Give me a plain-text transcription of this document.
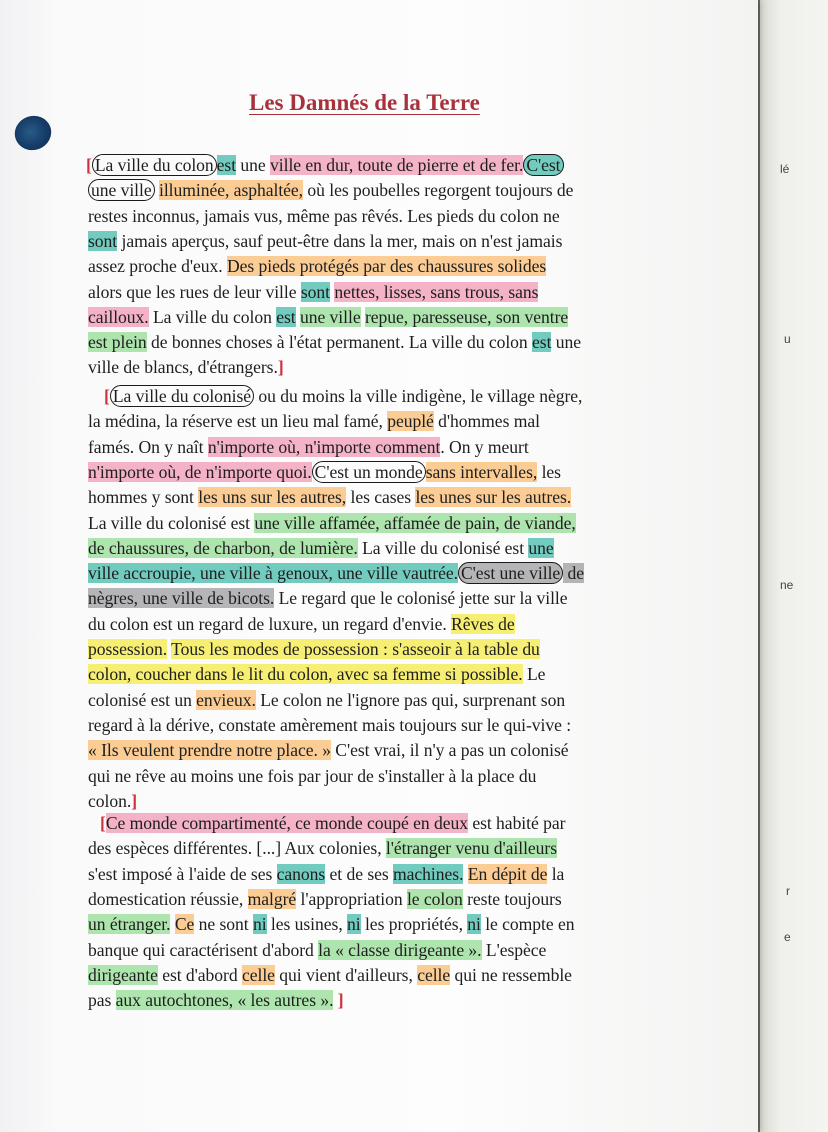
lé
u
ne
r
e
Les Damnés de la Terre
[ La ville du colon est une ville en dur, toute de pierre et de fer. C'est
une ville illuminée, asphaltée, où les poubelles regorgent toujours de
restes inconnus, jamais vus, même pas rêvés. Les pieds du colon ne
sont jamais aperçus, sauf peut-être dans la mer, mais on n'est jamais
assez proche d'eux. Des pieds protégés par des chaussures solides
alors que les rues de leur ville sont nettes, lisses, sans trous, sans
cailloux. La ville du colon est une ville repue, paresseuse, son ventre
est plein de bonnes choses à l'état permanent. La ville du colon est une
ville de blancs, d'étrangers.]
[ La ville du colonisé ou du moins la ville indigène, le village nègre,
la médina, la réserve est un lieu mal famé, peuplé d'hommes mal
famés. On y naît n'importe où, n'importe comment. On y meurt
n'importe où, de n'importe quoi. C'est un monde sans intervalles, les
hommes y sont les uns sur les autres, les cases les unes sur les autres.
La ville du colonisé est une ville affamée, affamée de pain, de viande,
de chaussures, de charbon, de lumière. La ville du colonisé est une
ville accroupie, une ville à genoux, une ville vautrée. C'est une ville de
nègres, une ville de bicots. Le regard que le colonisé jette sur la ville
du colon est un regard de luxure, un regard d'envie. Rêves de
possession. Tous les modes de possession : s'asseoir à la table du
colon, coucher dans le lit du colon, avec sa femme si possible. Le
colonisé est un envieux. Le colon ne l'ignore pas qui, surprenant son
regard à la dérive, constate amèrement mais toujours sur le qui-vive :
« Ils veulent prendre notre place. » C'est vrai, il n'y a pas un colonisé
qui ne rêve au moins une fois par jour de s'installer à la place du
colon.]
[Ce monde compartimenté, ce monde coupé en deux est habité par
des espèces différentes. [...] Aux colonies, l'étranger venu d'ailleurs
s'est imposé à l'aide de ses canons et de ses machines. En dépit de la
domestication réussie, malgré l'appropriation le colon reste toujours
un étranger. Ce ne sont ni les usines, ni les propriétés, ni le compte en
banque qui caractérisent d'abord la « classe dirigeante ». L'espèce
dirigeante est d'abord celle qui vient d'ailleurs, celle qui ne ressemble
pas aux autochtones, « les autres ». ]
